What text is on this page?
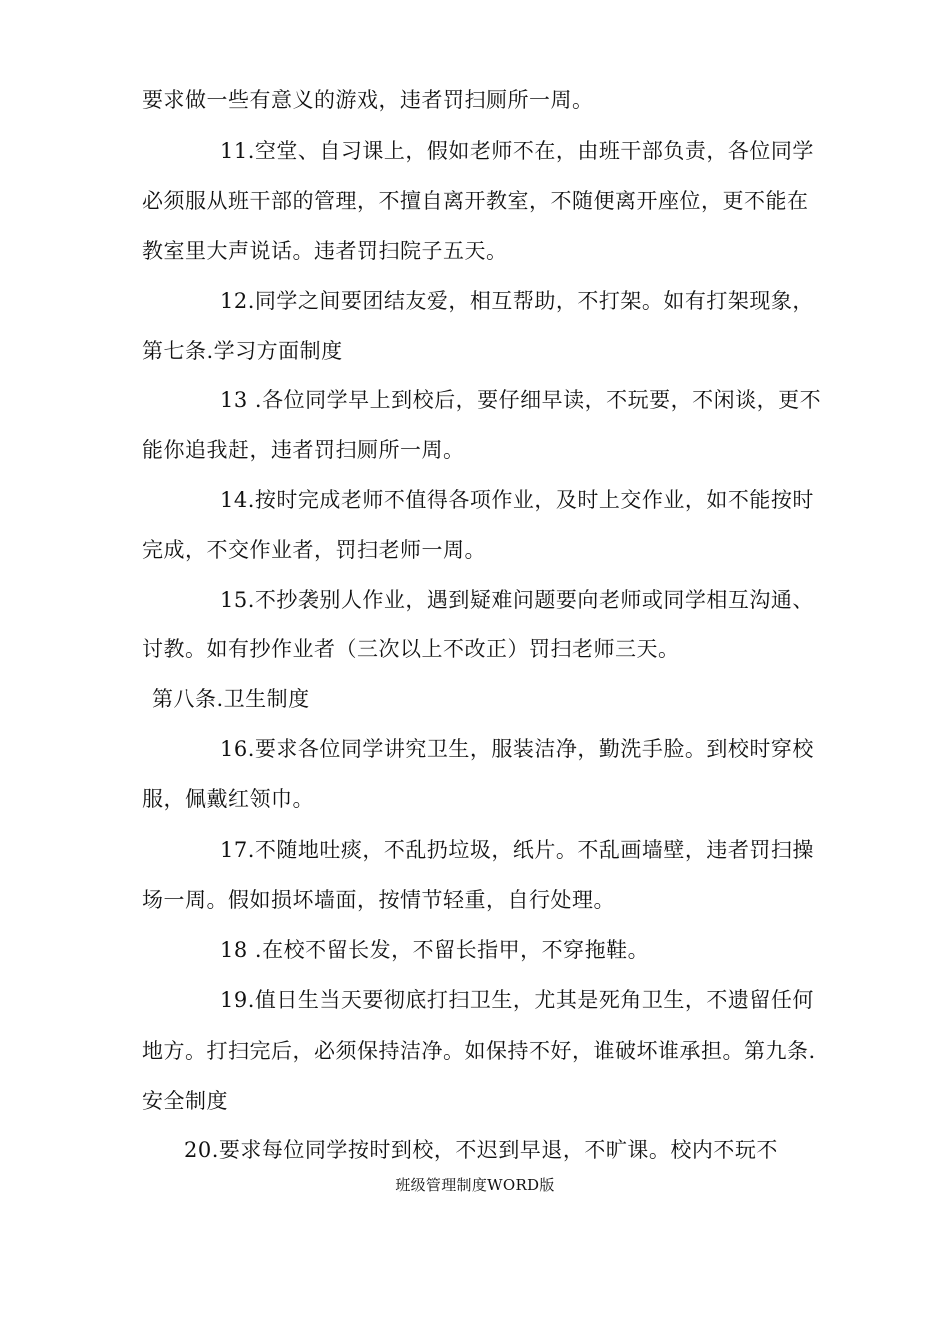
要求做一些有意义的游戏，违者罚扫厕所一周。
11.空堂、自习课上，假如老师不在，由班干部负责，各位同学
必须服从班干部的管理，不擅自离开教室，不随便离开座位，更不能在
教室里大声说话。违者罚扫院子五天。
12.同学之间要团结友爱，相互帮助，不打架。如有打架现象，
第七条.学习方面制度
13 .各位同学早上到校后，要仔细早读，不玩要，不闲谈，更不
能你追我赶，违者罚扫厕所一周。
14.按时完成老师不值得各项作业，及时上交作业，如不能按时
完成，不交作业者，罚扫老师一周。
15.不抄袭别人作业，遇到疑难问题要向老师或同学相互沟通、
讨教。如有抄作业者（三次以上不改正）罚扫老师三天。
第八条.卫生制度
16.要求各位同学讲究卫生，服装洁净，勤洗手脸。到校时穿校
服，佩戴红领巾。
17.不随地吐痰，不乱扔垃圾，纸片。不乱画墙壁，违者罚扫操
场一周。假如损坏墙面，按情节轻重，自行处理。
18 .在校不留长发，不留长指甲，不穿拖鞋。
19.值日生当天要彻底打扫卫生，尤其是死角卫生，不遗留任何
地方。打扫完后，必须保持洁净。如保持不好，谁破坏谁承担。第九条.
安全制度
20.要求每位同学按时到校，不迟到早退，不旷课。校内不玩不
班级管理制度WORD版
